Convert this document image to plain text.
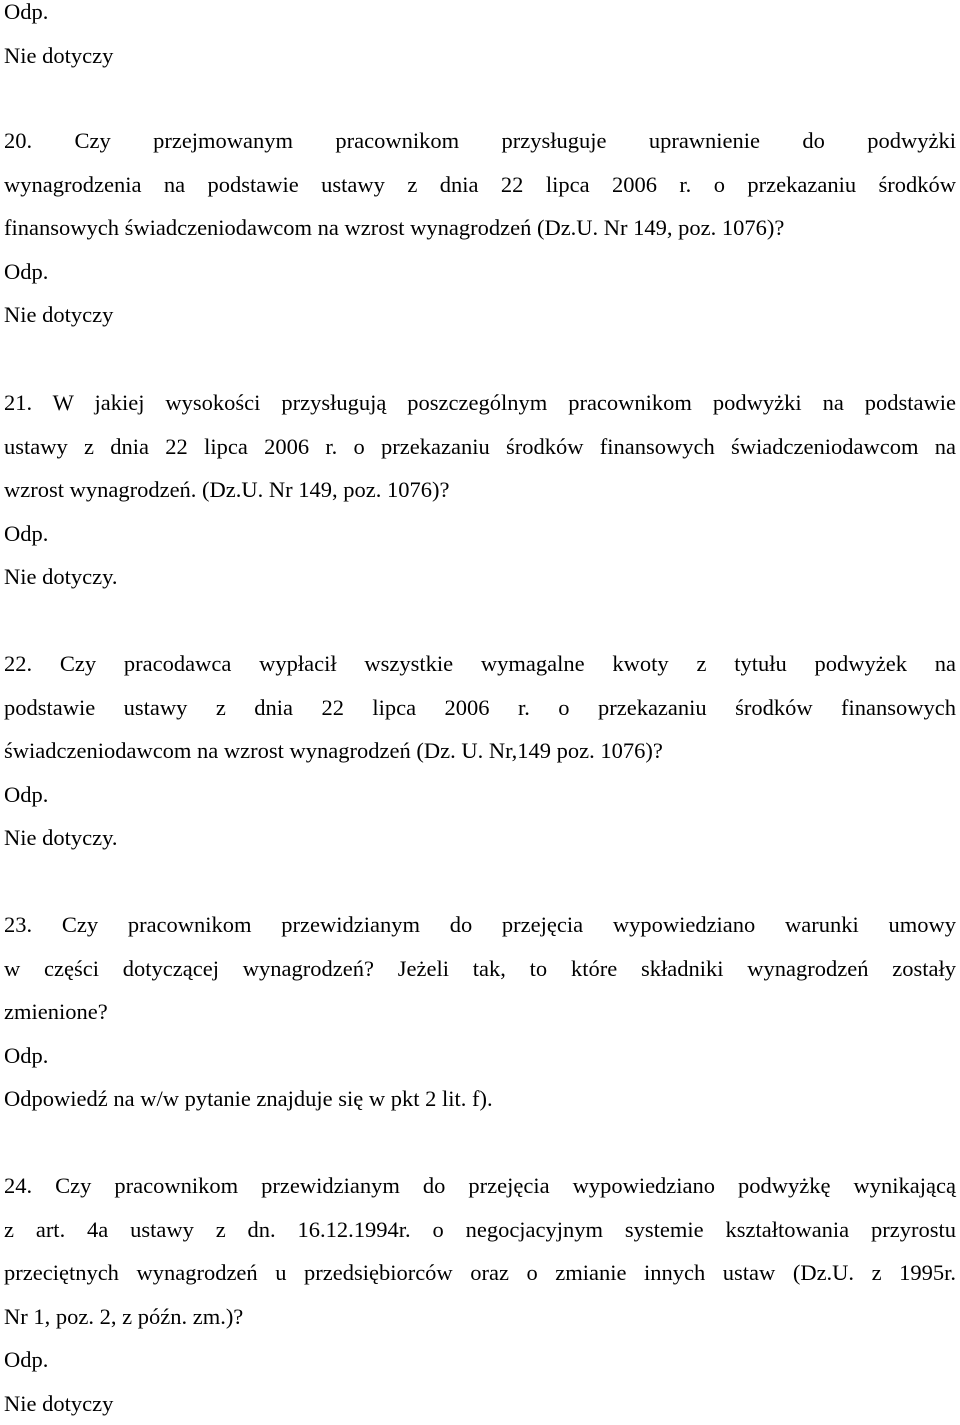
Odp.
Nie dotyczy
20. Czy przejmowanym pracownikom przysługuje uprawnienie do podwyżki
wynagrodzenia na podstawie ustawy z dnia 22 lipca 2006 r. o przekazaniu środków
finansowych świadczeniodawcom na wzrost wynagrodzeń (Dz.U. Nr 149, poz. 1076)?
Odp.
Nie dotyczy
21. W jakiej wysokości przysługują poszczególnym pracownikom podwyżki na podstawie
ustawy z dnia 22 lipca 2006 r. o przekazaniu środków finansowych świadczeniodawcom na
wzrost wynagrodzeń. (Dz.U. Nr 149, poz. 1076)?
Odp.
Nie dotyczy.
22. Czy pracodawca wypłacił wszystkie wymagalne kwoty z tytułu podwyżek na
podstawie ustawy z dnia 22 lipca 2006 r. o przekazaniu środków finansowych
świadczeniodawcom na wzrost wynagrodzeń (Dz. U. Nr,149 poz. 1076)?
Odp.
Nie dotyczy.
23. Czy pracownikom przewidzianym do przejęcia wypowiedziano warunki umowy
w części dotyczącej wynagrodzeń? Jeżeli tak, to które składniki wynagrodzeń zostały
zmienione?
Odp.
Odpowiedź na w/w pytanie znajduje się w pkt 2 lit. f).
24. Czy pracownikom przewidzianym do przejęcia wypowiedziano podwyżkę wynikającą
z art. 4a ustawy z dn. 16.12.1994r. o negocjacyjnym systemie kształtowania przyrostu
przeciętnych wynagrodzeń u przedsiębiorców oraz o zmianie innych ustaw (Dz.U. z 1995r.
Nr 1, poz. 2, z późn. zm.)?
Odp.
Nie dotyczy
